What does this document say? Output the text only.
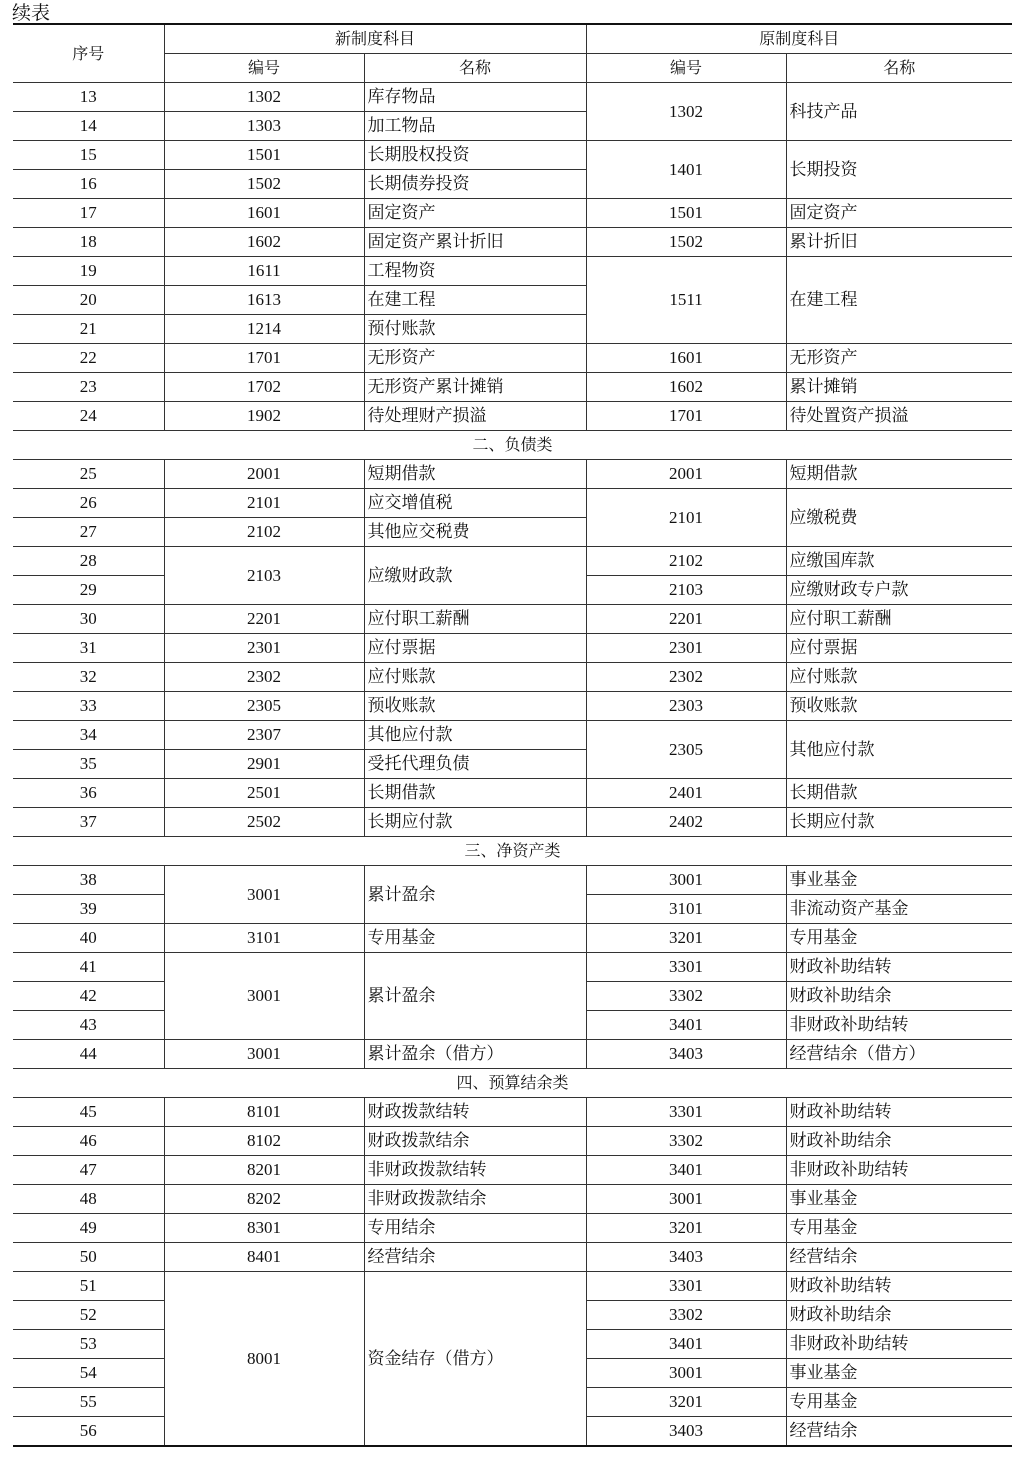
续表
序号	新制度科目		原制度科目	
	编号	名称	编号	名称
13	1302	库存物品	1302	科技产品
14	1303	加工物品		
15	1501	长期股权投资	1401	长期投资
16	1502	长期债券投资		
17	1601	固定资产	1501	固定资产
18	1602	固定资产累计折旧	1502	累计折旧
19	1611	工程物资	1511	在建工程
20	1613	在建工程		
21	1214	预付账款		
22	1701	无形资产	1601	无形资产
23	1702	无形资产累计摊销	1602	累计摊销
24	1902	待处理财产损溢	1701	待处置资产损溢
二、负债类				
25	2001	短期借款	2001	短期借款
26	2101	应交增值税	2101	应缴税费
27	2102	其他应交税费		
28	2103	应缴财政款	2102	应缴国库款
29			2103	应缴财政专户款
30	2201	应付职工薪酬	2201	应付职工薪酬
31	2301	应付票据	2301	应付票据
32	2302	应付账款	2302	应付账款
33	2305	预收账款	2303	预收账款
34	2307	其他应付款	2305	其他应付款
35	2901	受托代理负债		
36	2501	长期借款	2401	长期借款
37	2502	长期应付款	2402	长期应付款
三、净资产类				
38	3001	累计盈余	3001	事业基金
39			3101	非流动资产基金
40	3101	专用基金	3201	专用基金
41	3001	累计盈余	3301	财政补助结转
42			3302	财政补助结余
43			3401	非财政补助结转
44	3001	累计盈余（借方）	3403	经营结余（借方）
四、预算结余类				
45	8101	财政拨款结转	3301	财政补助结转
46	8102	财政拨款结余	3302	财政补助结余
47	8201	非财政拨款结转	3401	非财政补助结转
48	8202	非财政拨款结余	3001	事业基金
49	8301	专用结余	3201	专用基金
50	8401	经营结余	3403	经营结余
51	8001	资金结存（借方）	3301	财政补助结转
52			3302	财政补助结余
53			3401	非财政补助结转
54			3001	事业基金
55			3201	专用基金
56			3403	经营结余
